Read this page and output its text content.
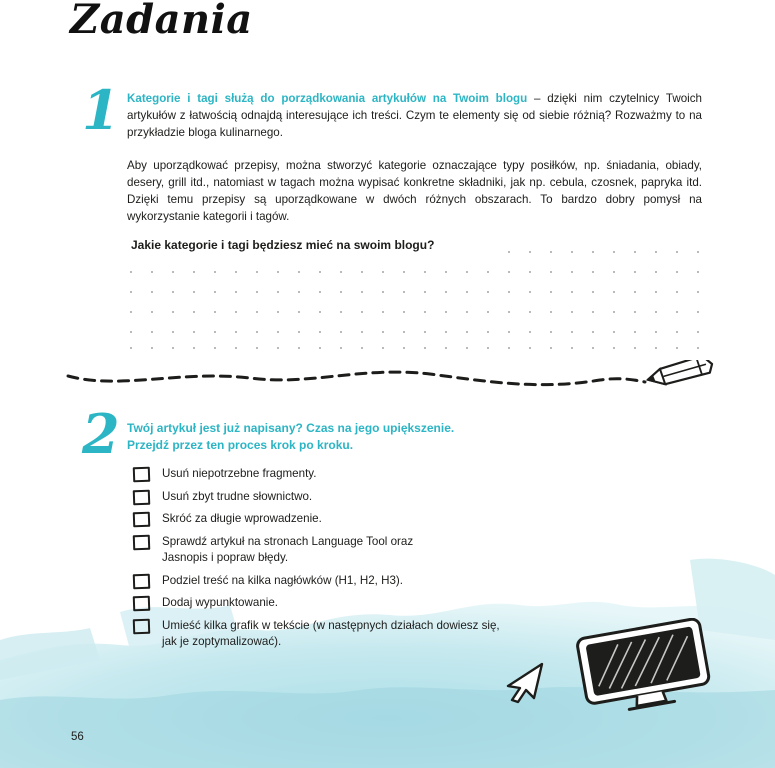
Zadania
1 Kategorie i tagi służą do porządkowania artykułów na Twoim blogu – dzięki nim czytelnicy Twoich artykułów z łatwością odnajdą interesujące ich treści. Czym te elementy się od siebie różnią? Rozważmy to na przykładzie bloga kulinarnego.

Aby uporządkować przepisy, można stworzyć kategorie oznaczające typy posiłków, np. śniadania, obiady, desery, grill itd., natomiast w tagach można wypisać konkretne składniki, jak np. cebula, czosnek, papryka itd. Dzięki temu przepisy są uporządkowane w dwóch różnych obszarach. To bardzo dobry pomysł na wykorzystanie kategorii i tagów.

Jakie kategorie i tagi będziesz mieć na swoim blogu?

2 Twój artykuł jest już napisany? Czas na jego upiększenie.
Przejdź przez ten proces krok po kroku.

Usuń niepotrzebne fragmenty.
Usuń zbyt trudne słownictwo.
Skróć za długie wprowadzenie.
Sprawdź artykuł na stronach Language Tool oraz Jasnopis i popraw błędy.
Podziel treść na kilka nagłówków (H1, H2, H3).
Dodaj wypunktowanie.
Umieść kilka grafik w tekście (w następnych działach dowiesz się, jak je zoptymalizować).
56
